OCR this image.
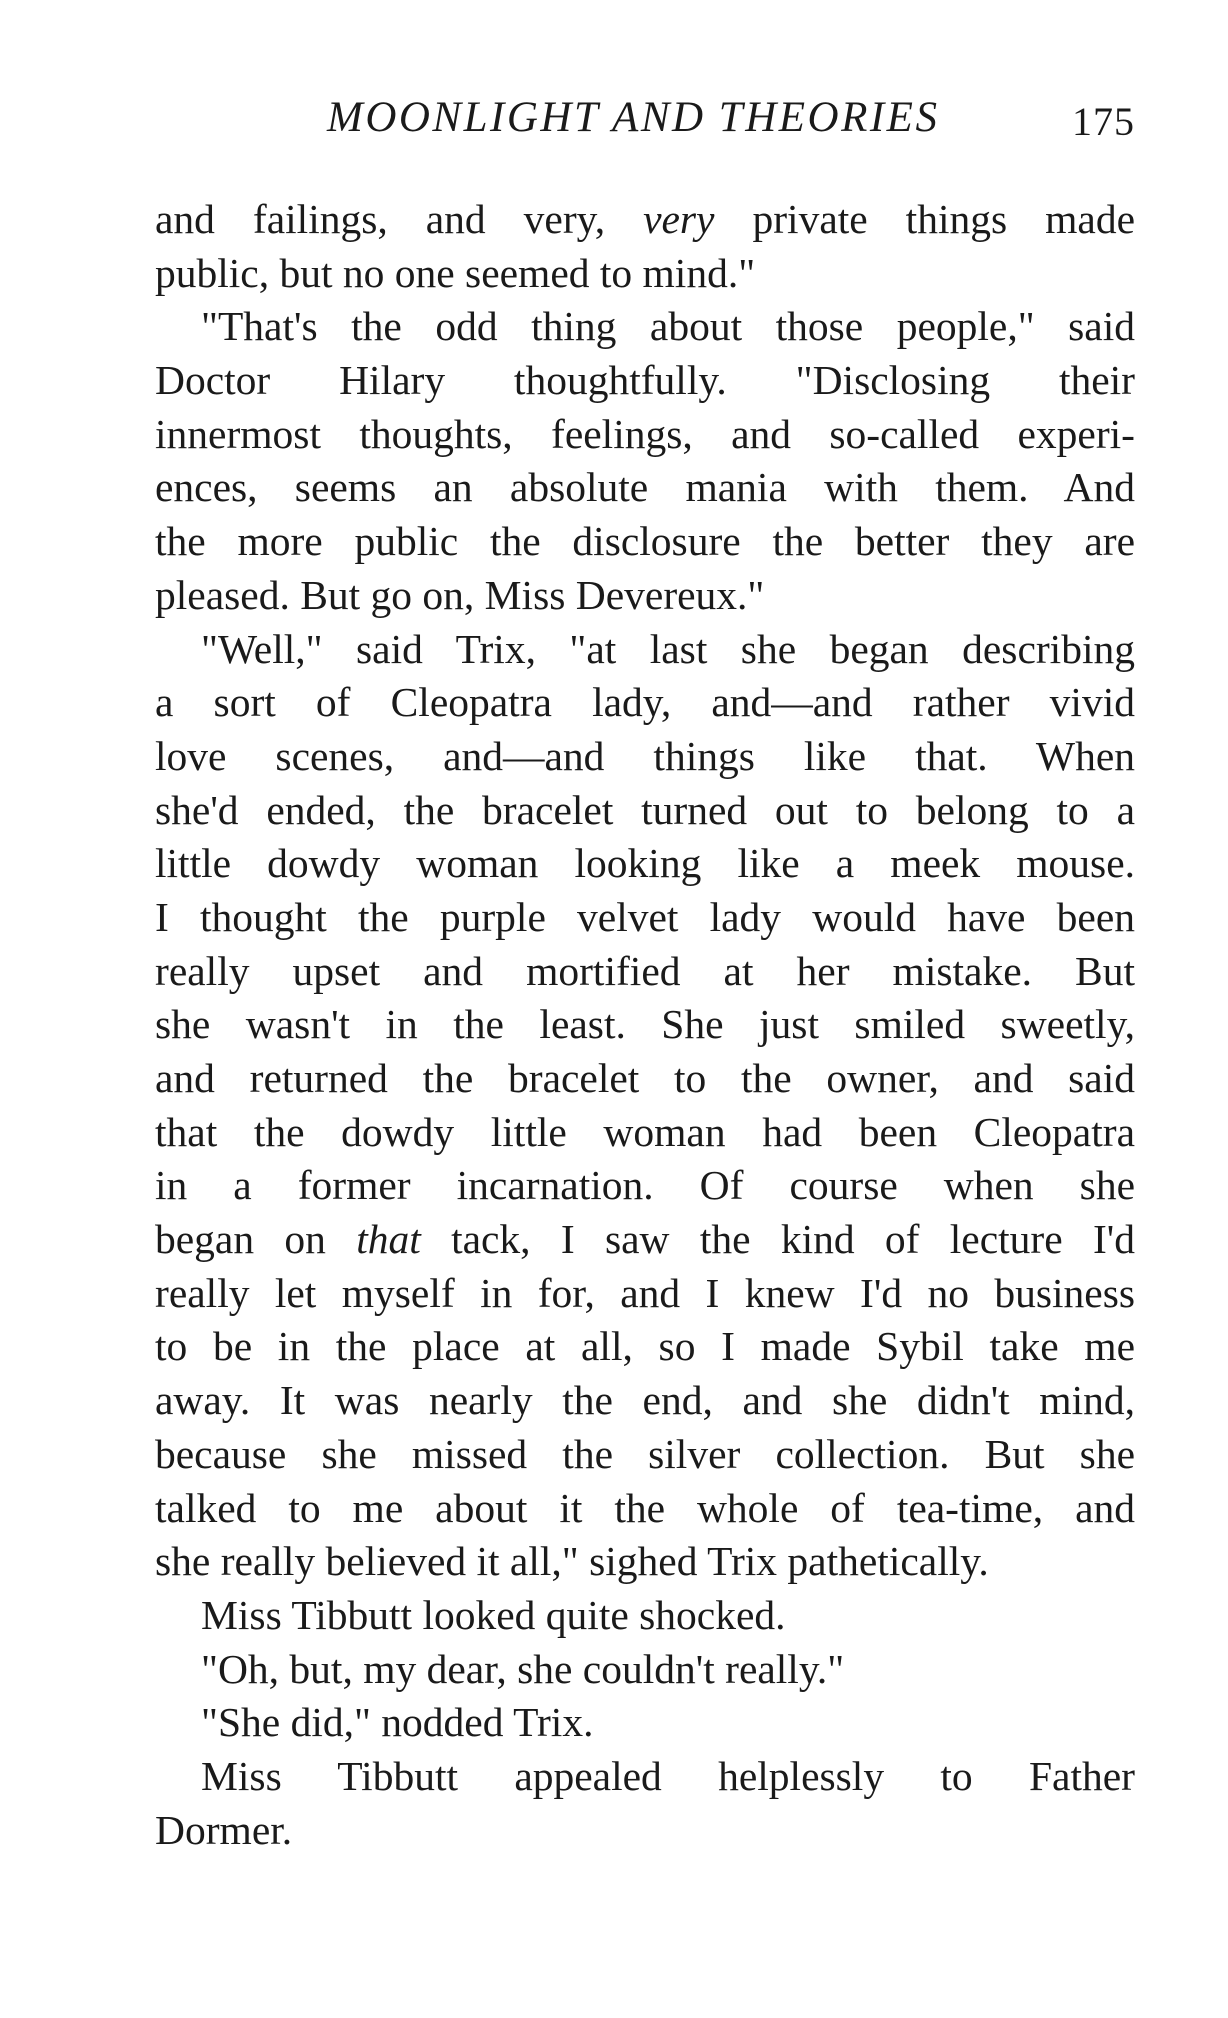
MOONLIGHT AND THEORIES	175
and failings, and very, very private things made
public, but no one seemed to mind."
"That's the odd thing about those people," said
Doctor Hilary thoughtfully. "Disclosing their
innermost thoughts, feelings, and so-called experi-
ences, seems an absolute mania with them. And
the more public the disclosure the better they are
pleased. But go on, Miss Devereux."
"Well," said Trix, "at last she began describing
a sort of Cleopatra lady, and—and rather vivid
love scenes, and—and things like that. When
she'd ended, the bracelet turned out to belong to a
little dowdy woman looking like a meek mouse.
I thought the purple velvet lady would have been
really upset and mortified at her mistake. But
she wasn't in the least. She just smiled sweetly,
and returned the bracelet to the owner, and said
that the dowdy little woman had been Cleopatra
in a former incarnation. Of course when she
began on that tack, I saw the kind of lecture I'd
really let myself in for, and I knew I'd no business
to be in the place at all, so I made Sybil take me
away. It was nearly the end, and she didn't mind,
because she missed the silver collection. But she
talked to me about it the whole of tea-time, and
she really believed it all," sighed Trix pathetically.
Miss Tibbutt looked quite shocked.
"Oh, but, my dear, she couldn't really."
"She did," nodded Trix.
Miss Tibbutt appealed helplessly to Father
Dormer.
